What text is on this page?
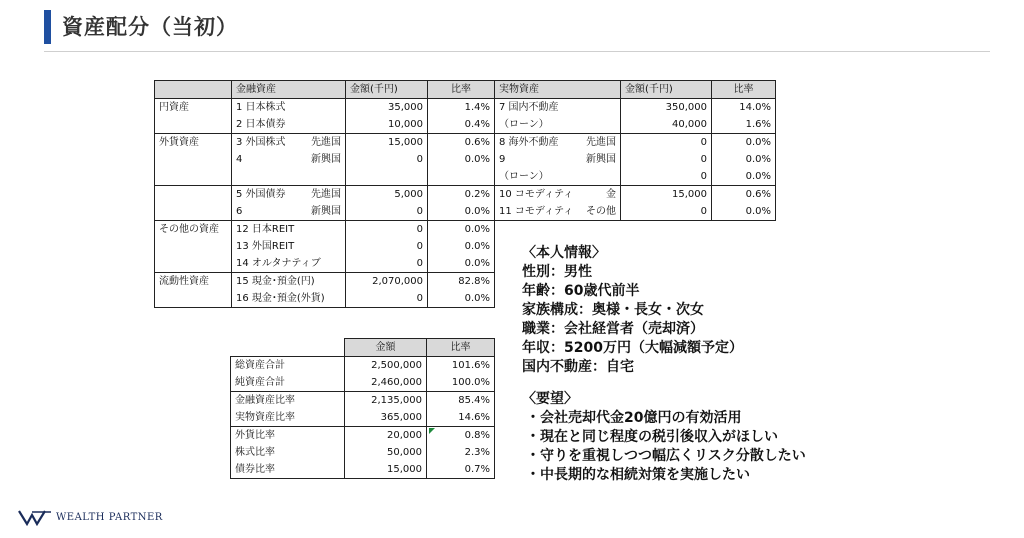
資産配分（当初）
	金融資産	金額(千円)	比率	実物資産	金額(千円)	比率
円資産	1 日本株式	35,000	1.4%	7 国内不動産	350,000	14.0%

	2 日本債券	10,000	0.4%	（ローン）	40,000	1.6%
外貨資産	3 外国株式 先進国	15,000	0.6%	8 海外不動産 先進国	0	0.0%

	4 新興国	0	0.0%	9 新興国	0	0.0%

				（ローン）	0	0.0%

	5 外国債券 先進国	5,000	0.2%	10 コモディティ 金	15,000	0.6%

	6 新興国	0	0.0%	11 コモディティ その他	0	0.0%
その他の資産	12 日本REIT	0	0.0%	

	13 外国REIT	0	0.0%	

	14 オルタナティブ	0	0.0%	

流動性資産	15 現金･預金(円)	2,070,000	82.8%	

	16 現金･預金(外貨)	0	0.0%	

	金額	比率
総資産合計	2,500,000	101.6%
純資産合計	2,460,000	100.0%
金融資産比率	2,135,000	85.4%
実物資産比率	365,000	14.6%
外貨比率	20,000	0.8%
株式比率	50,000	2.3%
債券比率	15,000	0.7%
〈本人情報〉
性別：男性
年齢：60歳代前半
家族構成：奥様・長女・次女
職業：会社経営者（売却済）
年収：5200万円（大幅減額予定）
国内不動産：自宅
〈要望〉
・会社売却代金20億円の有効活用
・現在と同じ程度の税引後収入がほしい
・守りを重視しつつ幅広くリスク分散したい
・中長期的な相続対策を実施したい
WEALTH PARTNER
